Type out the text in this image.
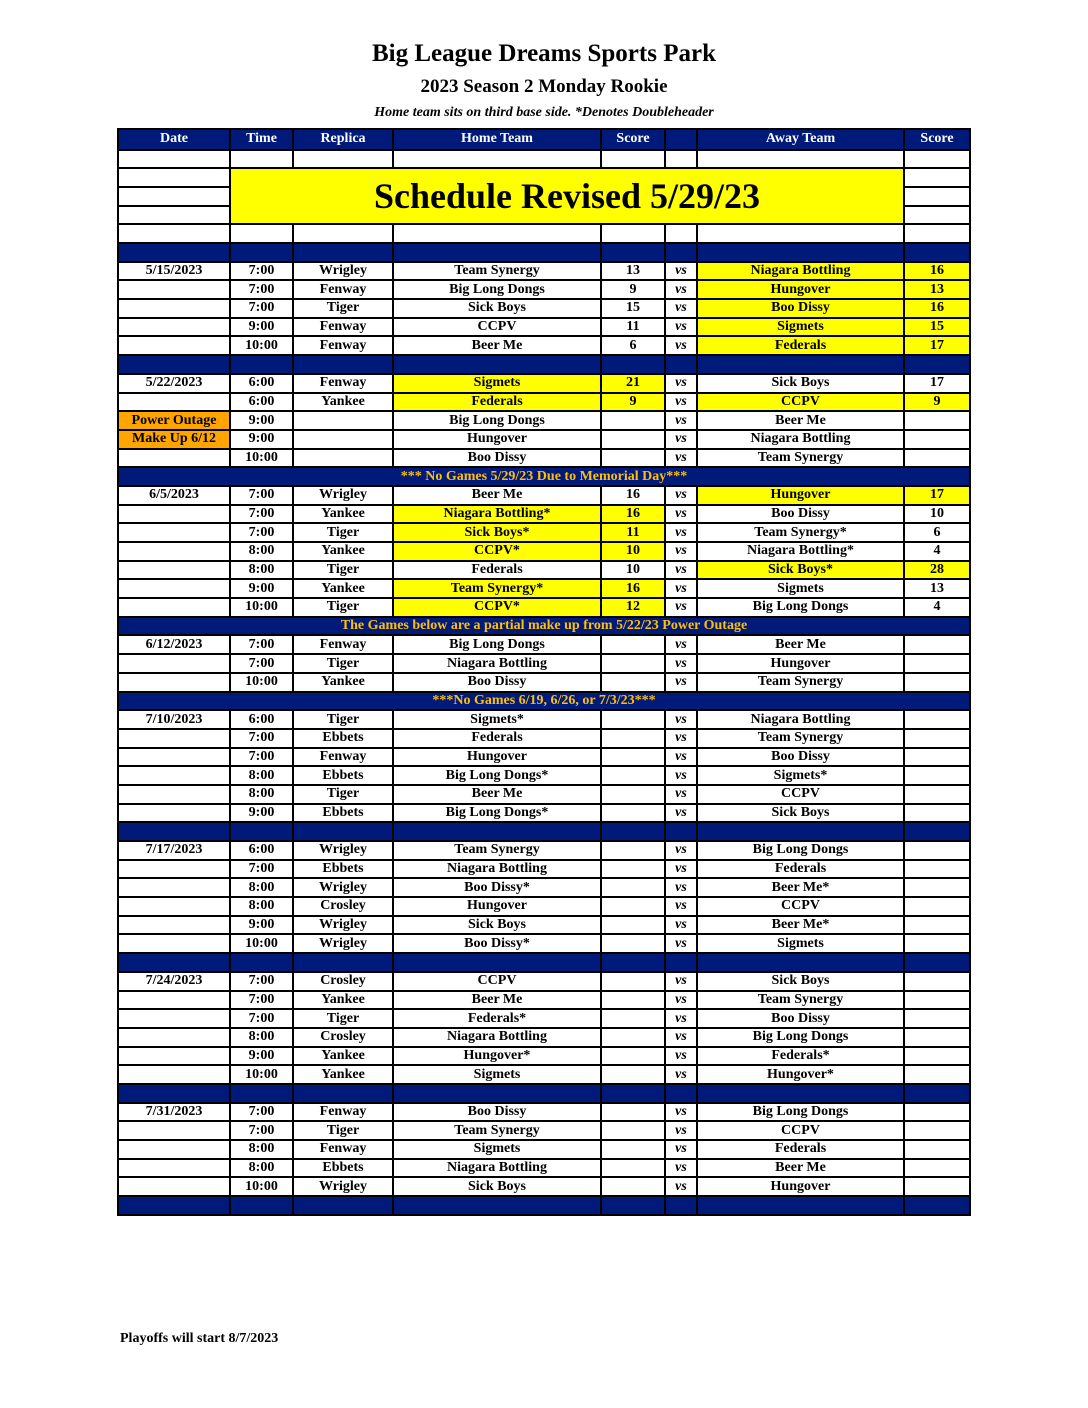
Big League Dreams Sports Park
2023 Season 2 Monday Rookie
Home team sits on third base side. *Denotes Doubleheader
Date	Time	Replica	Home Team	Score		Away Team	Score

	Schedule Revised 5/29/23						

5/15/2023	7:00	Wrigley	Team Synergy	13	vs	Niagara Bottling	16
	7:00	Fenway	Big Long Dongs	9	vs	Hungover	13
	7:00	Tiger	Sick Boys	15	vs	Boo Dissy	16
	9:00	Fenway	CCPV	11	vs	Sigmets	15
	10:00	Fenway	Beer Me	6	vs	Federals	17

5/22/2023	6:00	Fenway	Sigmets	21	vs	Sick Boys	17
	6:00	Yankee	Federals	9	vs	CCPV	9
Power Outage	9:00		Big Long Dongs		vs	Beer Me	
Make Up 6/12	9:00		Hungover		vs	Niagara Bottling	
	10:00		Boo Dissy		vs	Team Synergy	
*** No Games 5/29/23 Due to Memorial Day***							
6/5/2023	7:00	Wrigley	Beer Me	16	vs	Hungover	17
	7:00	Yankee	Niagara Bottling*	16	vs	Boo Dissy	10
	7:00	Tiger	Sick Boys*	11	vs	Team Synergy*	6
	8:00	Yankee	CCPV*	10	vs	Niagara Bottling*	4
	8:00	Tiger	Federals	10	vs	Sick Boys*	28
	9:00	Yankee	Team Synergy*	16	vs	Sigmets	13
	10:00	Tiger	CCPV*	12	vs	Big Long Dongs	4
The Games below are a partial make up from 5/22/23 Power Outage							
6/12/2023	7:00	Fenway	Big Long Dongs		vs	Beer Me	
	7:00	Tiger	Niagara Bottling		vs	Hungover	
	10:00	Yankee	Boo Dissy		vs	Team Synergy	
***No Games 6/19, 6/26, or 7/3/23***							
7/10/2023	6:00	Tiger	Sigmets*		vs	Niagara Bottling	
	7:00	Ebbets	Federals		vs	Team Synergy	
	7:00	Fenway	Hungover		vs	Boo Dissy	
	8:00	Ebbets	Big Long Dongs*		vs	Sigmets*	
	8:00	Tiger	Beer Me		vs	CCPV	
	9:00	Ebbets	Big Long Dongs*		vs	Sick Boys	

7/17/2023	6:00	Wrigley	Team Synergy		vs	Big Long Dongs	
	7:00	Ebbets	Niagara Bottling		vs	Federals	
	8:00	Wrigley	Boo Dissy*		vs	Beer Me*	
	8:00	Crosley	Hungover		vs	CCPV	
	9:00	Wrigley	Sick Boys		vs	Beer Me*	
	10:00	Wrigley	Boo Dissy*		vs	Sigmets	

7/24/2023	7:00	Crosley	CCPV		vs	Sick Boys	
	7:00	Yankee	Beer Me		vs	Team Synergy	
	7:00	Tiger	Federals*		vs	Boo Dissy	
	8:00	Crosley	Niagara Bottling		vs	Big Long Dongs	
	9:00	Yankee	Hungover*		vs	Federals*	
	10:00	Yankee	Sigmets		vs	Hungover*	

7/31/2023	7:00	Fenway	Boo Dissy		vs	Big Long Dongs	
	7:00	Tiger	Team Synergy		vs	CCPV	
	8:00	Fenway	Sigmets		vs	Federals	
	8:00	Ebbets	Niagara Bottling		vs	Beer Me	
	10:00	Wrigley	Sick Boys		vs	Hungover	

Playoffs will start 8/7/2023
